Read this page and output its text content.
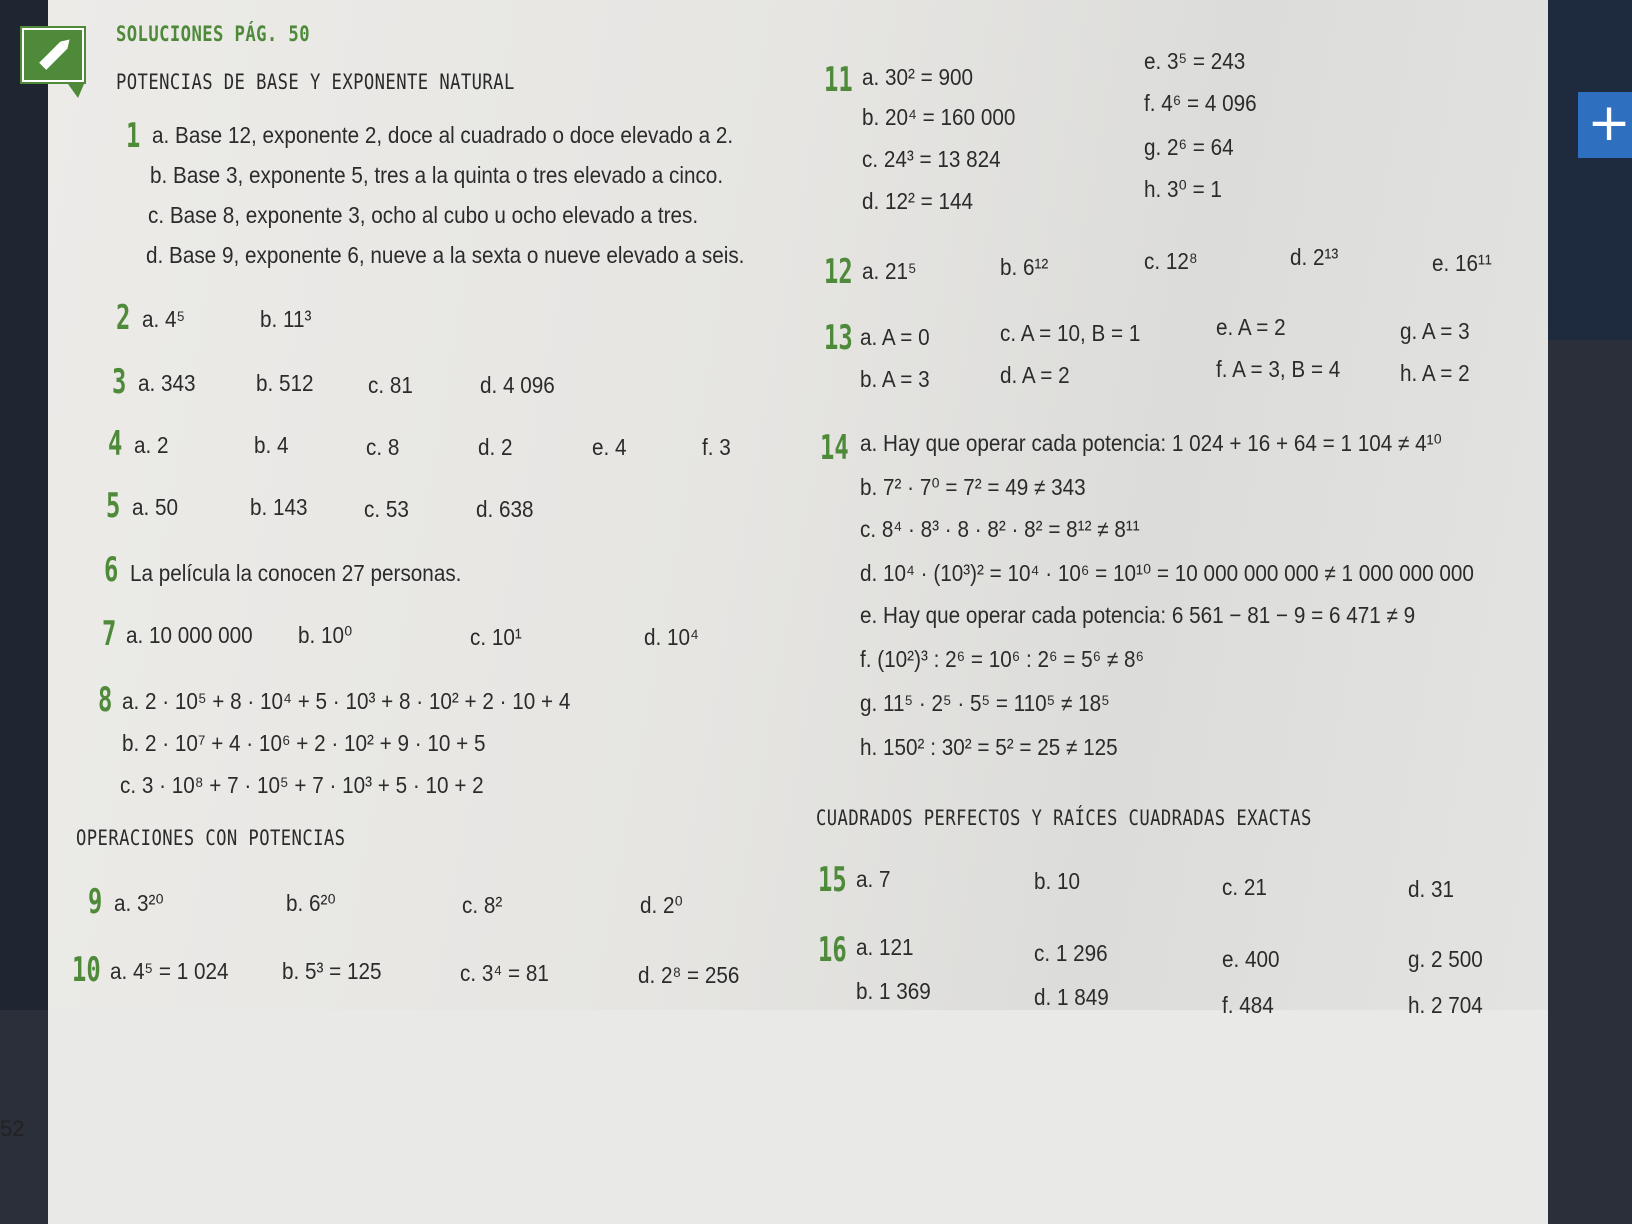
+
SOLUCIONES PÁG. 50
POTENCIAS DE BASE Y EXPONENTE NATURAL
1 a. Base 12, exponente 2, doce al cuadrado o doce elevado a 2.
b. Base 3, exponente 5, tres a la quinta o tres elevado a cinco.
c. Base 8, exponente 3, ocho al cubo u ocho elevado a tres.
d. Base 9, exponente 6, nueve a la sexta o nueve elevado a seis.
2 a. 4⁵	b. 11³
3 a. 343	b. 512 c. 81	d. 4 096
4 a. 2	b. 4	c. 8	d. 2	e. 4	f. 3
5 a. 50	b. 143 c. 53	d. 638
6 La película la conocen 27 personas.
7 a. 10 000 000 b. 10⁰	c. 10¹	d. 10⁴
8 a. 2 · 10⁵ + 8 · 10⁴ + 5 · 10³ + 8 · 10² + 2 · 10 + 4
b. 2 · 10⁷ + 4 · 10⁶ + 2 · 10² + 9 · 10 + 5
c. 3 · 10⁸ + 7 · 10⁵ + 7 · 10³ + 5 · 10 + 2
OPERACIONES CON POTENCIAS
9 a. 3²⁰	b. 6²⁰	c. 8²	d. 2⁰
10 a. 4⁵ = 1 024 b. 5³ = 125	c. 3⁴ = 81	d. 2⁸ = 256
11 a. 30² = 900
b. 20⁴ = 160 000
c. 24³ = 13 824
d. 12² = 144
e. 3⁵ = 243
f. 4⁶ = 4 096
g. 2⁶ = 64
h. 3⁰ = 1
12 a. 21⁵	b. 6¹²	c. 12⁸	d. 2¹³	e. 16¹¹
13 a. A = 0
b. A = 3
c. A = 10, B = 1
d. A = 2
e. A = 2
f. A = 3, B = 4
g. A = 3
h. A = 2
14 a. Hay que operar cada potencia: 1 024 + 16 + 64 = 1 104 ≠ 4¹⁰
b. 7² · 7⁰ = 7² = 49 ≠ 343
c. 8⁴ · 8³ · 8 · 8² · 8² = 8¹² ≠ 8¹¹
d. 10⁴ · (10³)² = 10⁴ · 10⁶ = 10¹⁰ = 10 000 000 000 ≠ 1 000 000 000
e. Hay que operar cada potencia: 6 561 − 81 − 9 = 6 471 ≠ 9
f. (10²)³ : 2⁶ = 10⁶ : 2⁶ = 5⁶ ≠ 8⁶
g. 11⁵ · 2⁵ · 5⁵ = 110⁵ ≠ 18⁵
h. 150² : 30² = 5² = 25 ≠ 125
CUADRADOS PERFECTOS Y RAÍCES CUADRADAS EXACTAS
15 a. 7	b. 10	c. 21	d. 31
16 a. 121
b. 1 369
c. 1 296
d. 1 849
e. 400
f. 484
g. 2 500
h. 2 704
52
